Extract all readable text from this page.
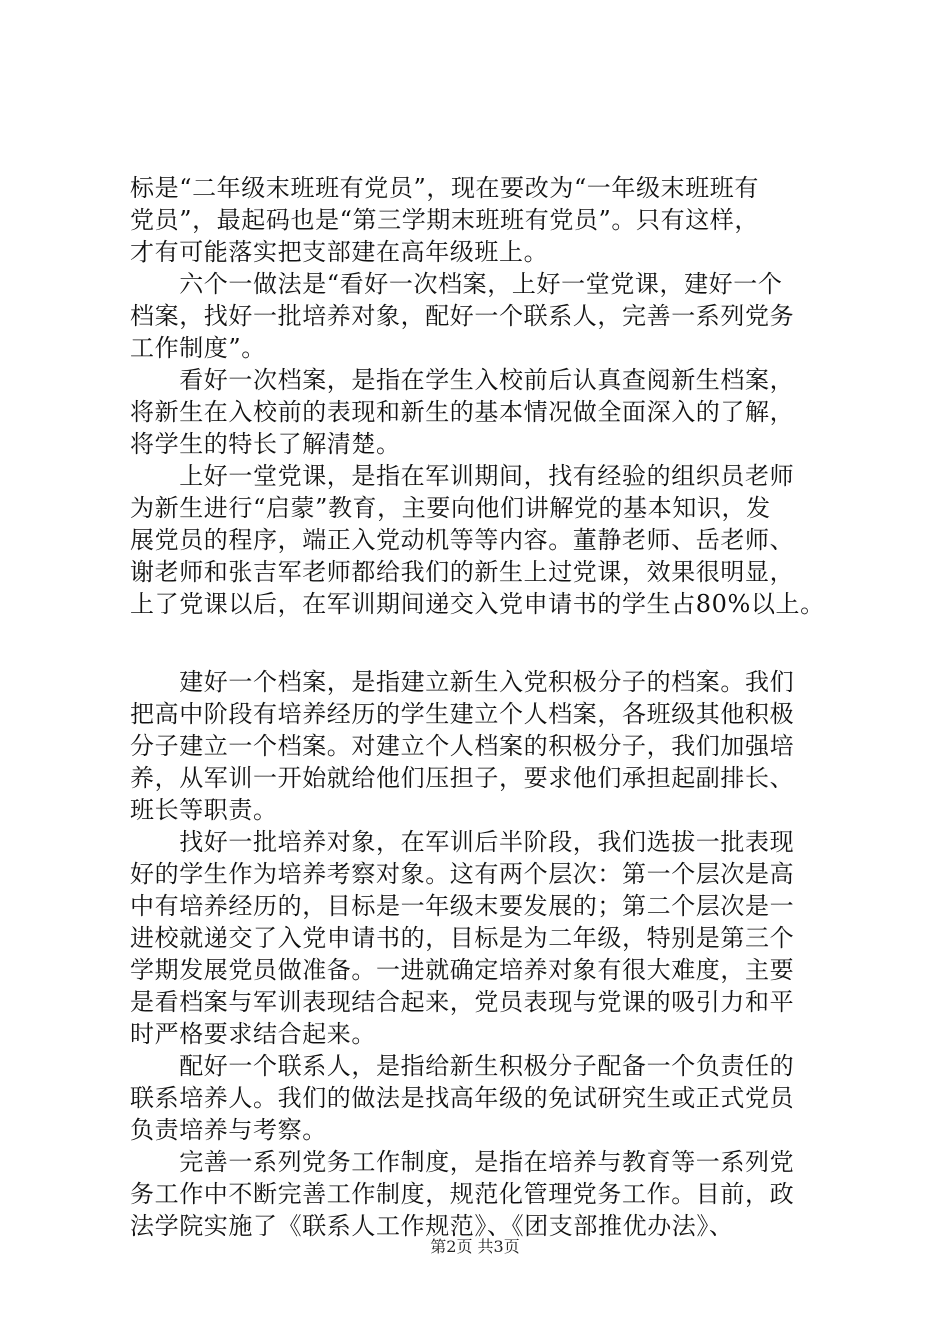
标是“二年级末班班有党员”，现在要改为“一年级末班班有
党员”，最起码也是“第三学期末班班有党员”。只有这样，
才有可能落实把支部建在高年级班上。
　　六个一做法是“看好一次档案，上好一堂党课，建好一个
档案，找好一批培养对象，配好一个联系人，完善一系列党务
工作制度”。
　　看好一次档案，是指在学生入校前后认真查阅新生档案，
将新生在入校前的表现和新生的基本情况做全面深入的了解，
将学生的特长了解清楚。
　　上好一堂党课，是指在军训期间，找有经验的组织员老师
为新生进行“启蒙”教育，主要向他们讲解党的基本知识，发
展党员的程序，端正入党动机等等内容。董静老师、岳老师、
谢老师和张吉军老师都给我们的新生上过党课，效果很明显，
上了党课以后，在军训期间递交入党申请书的学生占80%以上。
　　建好一个档案，是指建立新生入党积极分子的档案。我们
把高中阶段有培养经历的学生建立个人档案，各班级其他积极
分子建立一个档案。对建立个人档案的积极分子，我们加强培
养，从军训一开始就给他们压担子，要求他们承担起副排长、
班长等职责。
　　找好一批培养对象，在军训后半阶段，我们选拔一批表现
好的学生作为培养考察对象。这有两个层次：第一个层次是高
中有培养经历的，目标是一年级末要发展的；第二个层次是一
进校就递交了入党申请书的，目标是为二年级，特别是第三个
学期发展党员做准备。一进就确定培养对象有很大难度，主要
是看档案与军训表现结合起来，党员表现与党课的吸引力和平
时严格要求结合起来。
　　配好一个联系人，是指给新生积极分子配备一个负责任的
联系培养人。我们的做法是找高年级的免试研究生或正式党员
负责培养与考察。
　　完善一系列党务工作制度，是指在培养与教育等一系列党
务工作中不断完善工作制度，规范化管理党务工作。目前，政
法学院实施了《联系人工作规范》、《团支部推优办法》、
第2页 共3页
